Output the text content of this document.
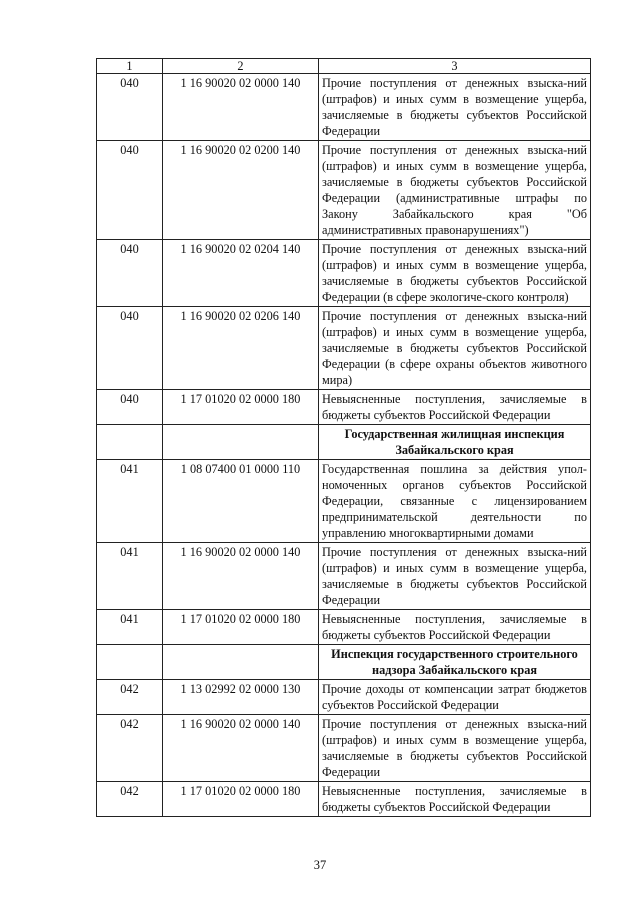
1	2	3
040	1 16 90020 02 0000 140	Прочие поступления от денежных взыска-ний (штрафов) и иных сумм в возмещение ущерба, зачисляемые в бюджеты субъектов Российской Федерации
040	1 16 90020 02 0200 140	Прочие поступления от денежных взыска-ний (штрафов) и иных сумм в возмещение ущерба, зачисляемые в бюджеты субъектов Российской Федерации (административные штрафы по Закону Забайкальского края "Об административных правонарушениях")
040	1 16 90020 02 0204 140	Прочие поступления от денежных взыска-ний (штрафов) и иных сумм в возмещение ущерба, зачисляемые в бюджеты субъектов Российской Федерации (в сфере экологиче-ского контроля)
040	1 16 90020 02 0206 140	Прочие поступления от денежных взыска-ний (штрафов) и иных сумм в возмещение ущерба, зачисляемые в бюджеты субъектов Российской Федерации (в сфере охраны объектов животного мира)
040	1 17 01020 02 0000 180	Невыясненные поступления, зачисляемые в бюджеты субъектов Российской Федерации
		Государственная жилищная инспекция Забайкальского края
041	1 08 07400 01 0000 110	Государственная пошлина за действия упол-номоченных органов субъектов Российской Федерации, связанные с лицензированием предпринимательской деятельности по управлению многоквартирными домами
041	1 16 90020 02 0000 140	Прочие поступления от денежных взыска-ний (штрафов) и иных сумм в возмещение ущерба, зачисляемые в бюджеты субъектов Российской Федерации
041	1 17 01020 02 0000 180	Невыясненные поступления, зачисляемые в бюджеты субъектов Российской Федерации
		Инспекция государственного строительного надзора Забайкальского края
042	1 13 02992 02 0000 130	Прочие доходы от компенсации затрат бюджетов субъектов Российской Федерации
042	1 16 90020 02 0000 140	Прочие поступления от денежных взыска-ний (штрафов) и иных сумм в возмещение ущерба, зачисляемые в бюджеты субъектов Российской Федерации
042	1 17 01020 02 0000 180	Невыясненные поступления, зачисляемые в бюджеты субъектов Российской Федерации
37
